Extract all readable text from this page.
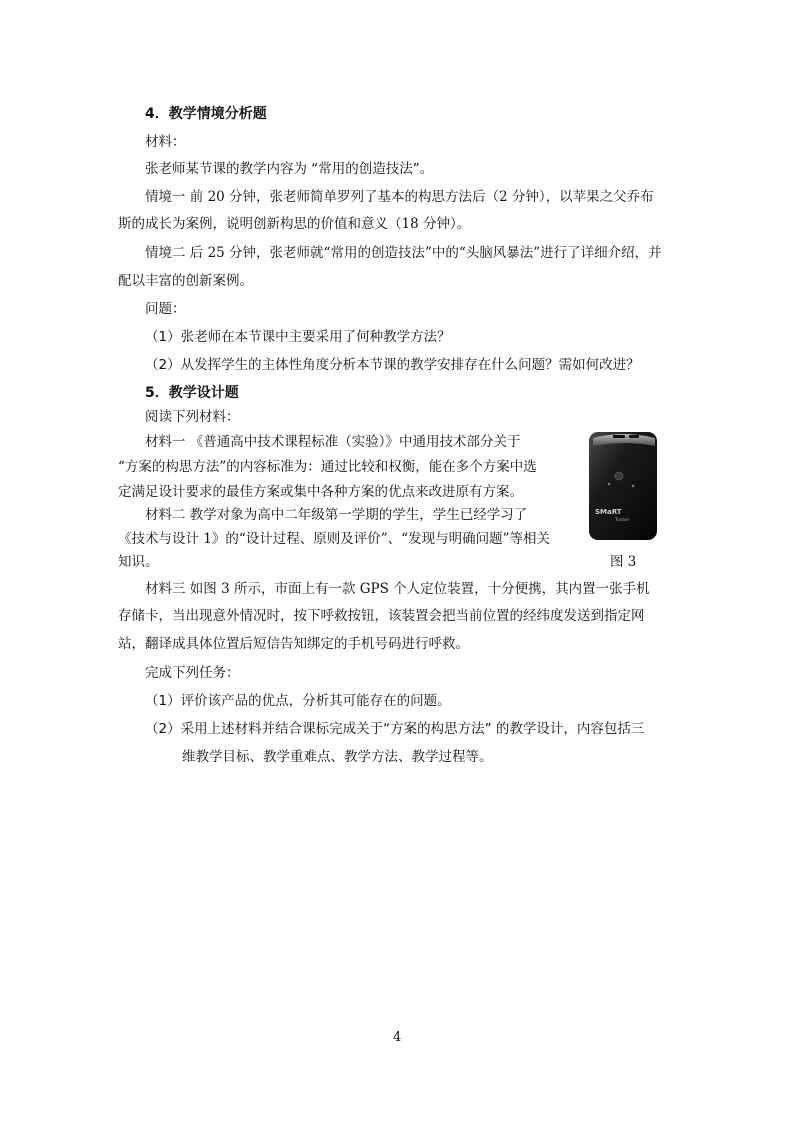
4．教学情境分析题
材料：
张老师某节课的教学内容为 “常用的创造技法”。
情境一 前 20 分钟，张老师简单罗列了基本的构思方法后（2 分钟），以苹果之父乔布
斯的成长为案例，说明创新构思的价值和意义（18 分钟）。
情境二 后 25 分钟，张老师就“常用的创造技法”中的“头脑风暴法”进行了详细介绍，并
配以丰富的创新案例。
问题：
（1）张老师在本节课中主要采用了何种教学方法？
（2）从发挥学生的主体性角度分析本节课的教学安排存在什么问题？需如何改进？
5．教学设计题
阅读下列材料：
材料一 《普通高中技术课程标准（实验）》中通用技术部分关于
“方案的构思方法”的内容标准为：通过比较和权衡，能在多个方案中选
定满足设计要求的最佳方案或集中各种方案的优点来改进原有方案。
材料二 教学对象为高中二年级第一学期的学生，学生已经学习了
《技术与设计 1》的“设计过程、原则及评价”、“发现与明确问题”等相关
知识。
SMaRT
Tracker
图 3
材料三 如图 3 所示，市面上有一款 GPS 个人定位装置，十分便携，其内置一张手机
存储卡，当出现意外情况时，按下呼救按钮，该装置会把当前位置的经纬度发送到指定网
站，翻译成具体位置后短信告知绑定的手机号码进行呼救。
完成下列任务：
（1）评价该产品的优点，分析其可能存在的问题。
（2）采用上述材料并结合课标完成关于“方案的构思方法” 的教学设计，内容包括三
维教学目标、教学重难点、教学方法、教学过程等。
4
